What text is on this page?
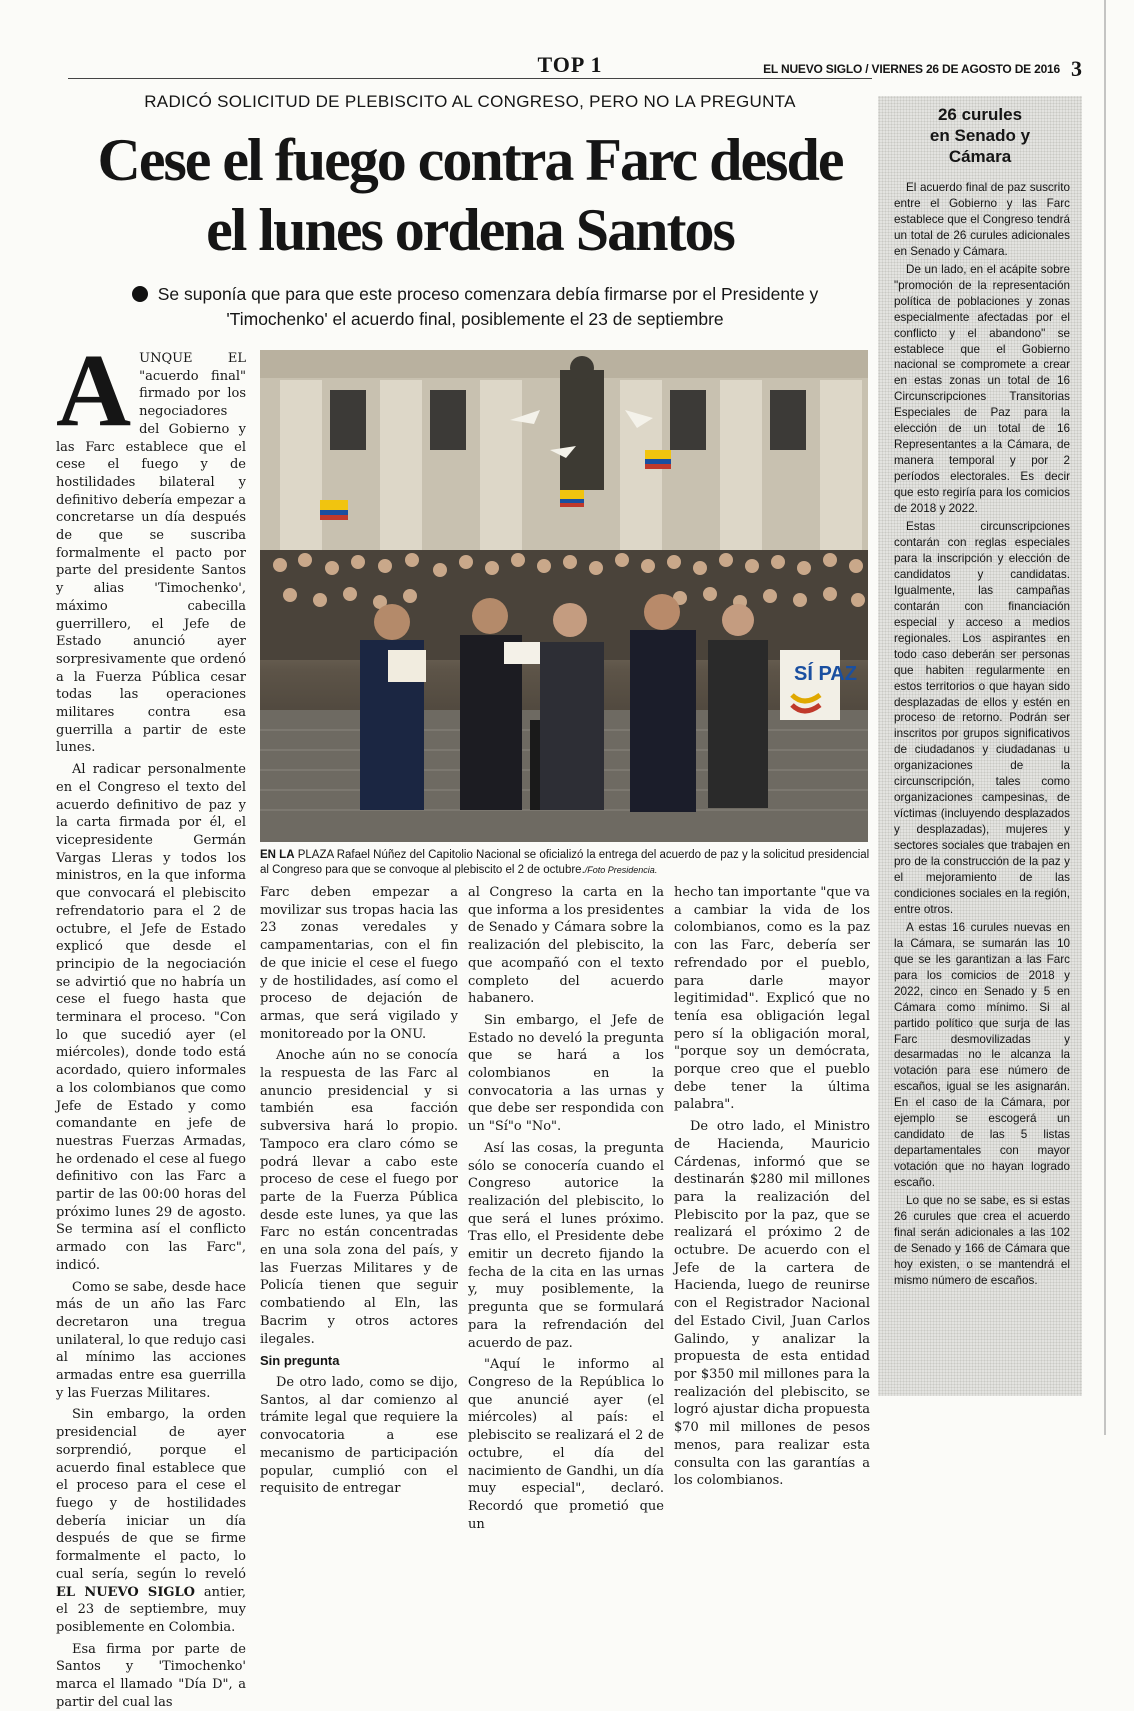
TOP 1	EL NUEVO SIGLO / VIERNES 26 DE AGOSTO DE 2016 3
RADICÓ SOLICITUD DE PLEBISCITO AL CONGRESO, PERO NO LA PREGUNTA
Cese el fuego contra Farc desde
el lunes ordena Santos
Se suponía que para que este proceso comenzara debía firmarse por el Presidente y 'Timochenko' el acuerdo final, posiblemente el 23 de septiembre

AUNQUE EL "acuerdo final" firmado por los negociadores del Gobierno y las Farc establece que el cese el fuego y de hostilidades bilateral y definitivo debería empezar a concretarse un día después de que se suscriba formalmente el pacto por parte del presidente Santos y alias 'Timochenko', máximo cabecilla guerrillero, el Jefe de Estado anunció ayer sorpresivamente que ordenó a la Fuerza Pública cesar todas las operaciones militares contra esa guerrilla a partir de este lunes.

Al radicar personalmente en el Congreso el texto del acuerdo definitivo de paz y la carta firmada por él, el vicepresidente Germán Vargas Lleras y todos los ministros, en la que informa que convocará el plebiscito refrendatorio para el 2 de octubre, el Jefe de Estado explicó que desde el principio de la negociación se advirtió que no habría un cese el fuego hasta que terminara el proceso. "Con lo que sucedió ayer (el miércoles), donde todo está acordado, quiero informales a los colombianos que como Jefe de Estado y como comandante en jefe de nuestras Fuerzas Armadas, he ordenado el cese al fuego definitivo con las Farc a partir de las 00:00 horas del próximo lunes 29 de agosto. Se termina así el conflicto armado con las Farc", indicó.

Como se sabe, desde hace más de un año las Farc decretaron una tregua unilateral, lo que redujo casi al mínimo las acciones armadas entre esa guerrilla y las Fuerzas Militares.

Sin embargo, la orden presidencial de ayer sorprendió, porque el acuerdo final establece que el proceso para el cese el fuego y de hostilidades debería iniciar un día después de que se firme formalmente el pacto, lo cual sería, según lo reveló EL NUEVO SIGLO antier, el 23 de septiembre, muy posiblemente en Colombia.

Esa firma por parte de Santos y 'Timochenko' marca el llamado "Día D", a partir del cual las

SÍ PAZ
EN LA PLAZA Rafael Núñez del Capitolio Nacional se oficializó la entrega del acuerdo de paz y la solicitud presidencial al Congreso para que se convoque al plebiscito el 2 de octubre./Foto Presidencia.

Farc deben empezar a movilizar sus tropas hacia las 23 zonas veredales y campamentarias, con el fin de que inicie el cese el fuego y de hostilidades, así como el proceso de dejación de armas, que será vigilado y monitoreado por la ONU.

Anoche aún no se conocía la respuesta de las Farc al anuncio presidencial y si también esa facción subversiva hará lo propio. Tampoco era claro cómo se podrá llevar a cabo este proceso de cese el fuego por parte de la Fuerza Pública desde este lunes, ya que las Farc no están concentradas en una sola zona del país, y las Fuerzas Militares y de Policía tienen que seguir combatiendo al Eln, las Bacrim y otros actores ilegales.

Sin pregunta

De otro lado, como se dijo, Santos, al dar comienzo al trámite legal que requiere la convocatoria a ese mecanismo de participación popular, cumplió con el requisito de entregar

al Congreso la carta en la que informa a los presidentes de Senado y Cámara sobre la realización del plebiscito, la que acompañó con el texto completo del acuerdo habanero.

Sin embargo, el Jefe de Estado no develó la pregunta que se hará a los colombianos en la convocatoria a las urnas y que debe ser respondida con un "Sí"o "No".

Así las cosas, la pregunta sólo se conocería cuando el Congreso autorice la realización del plebiscito, lo que será el lunes próximo. Tras ello, el Presidente debe emitir un decreto fijando la fecha de la cita en las urnas y, muy posiblemente, la pregunta que se formulará para la refrendación del acuerdo de paz.

"Aquí le informo al Congreso de la República lo que anuncié ayer (el miércoles) al país: el plebiscito se realizará el 2 de octubre, el día del nacimiento de Gandhi, un día muy especial", declaró. Recordó que prometió que un

hecho tan importante "que va a cambiar la vida de los colombianos, como es la paz con las Farc, debería ser refrendado por el pueblo, para darle mayor legitimidad". Explicó que no tenía esa obligación legal pero sí la obligación moral, "porque soy un demócrata, porque creo que el pueblo debe tener la última palabra".

De otro lado, el Ministro de Hacienda, Mauricio Cárdenas, informó que se destinarán $280 mil millones para la realización del Plebiscito por la paz, que se realizará el próximo 2 de octubre. De acuerdo con el Jefe de la cartera de Hacienda, luego de reunirse con el Registrador Nacional del Estado Civil, Juan Carlos Galindo, y analizar la propuesta de esta entidad por $350 mil millones para la realización del plebiscito, se logró ajustar dicha propuesta $70 mil millones de pesos menos, para realizar esta consulta con las garantías a los colombianos.

26 curules
en Senado y
Cámara

El acuerdo final de paz suscrito entre el Gobierno y las Farc establece que el Congreso tendrá un total de 26 curules adicionales en Senado y Cámara.

De un lado, en el acápite sobre "promoción de la representación política de poblaciones y zonas especialmente afectadas por el conflicto y el abandono" se establece que el Gobierno nacional se compromete a crear en estas zonas un total de 16 Circunscripciones Transitorias Especiales de Paz para la elección de un total de 16 Representantes a la Cámara, de manera temporal y por 2 períodos electorales. Es decir que esto regiría para los comicios de 2018 y 2022.

Estas circunscripciones contarán con reglas especiales para la inscripción y elección de candidatos y candidatas. Igualmente, las campañas contarán con financiación especial y acceso a medios regionales. Los aspirantes en todo caso deberán ser personas que habiten regularmente en estos territorios o que hayan sido desplazadas de ellos y estén en proceso de retorno. Podrán ser inscritos por grupos significativos de ciudadanos y ciudadanas u organizaciones de la circunscripción, tales como organizaciones campesinas, de víctimas (incluyendo desplazados y desplazadas), mujeres y sectores sociales que trabajen en pro de la construcción de la paz y el mejoramiento de las condiciones sociales en la región, entre otros.

A estas 16 curules nuevas en la Cámara, se sumarán las 10 que se les garantizan a las Farc para los comicios de 2018 y 2022, cinco en Senado y 5 en Cámara como mínimo. Si al partido político que surja de las Farc desmovilizadas y desarmadas no le alcanza la votación para ese número de escaños, igual se les asignarán. En el caso de la Cámara, por ejemplo se escogerá un candidato de las 5 listas departamentales con mayor votación que no hayan logrado escaño.

Lo que no se sabe, es si estas 26 curules que crea el acuerdo final serán adicionales a las 102 de Senado y 166 de Cámara que hoy existen, o se mantendrá el mismo número de escaños.
